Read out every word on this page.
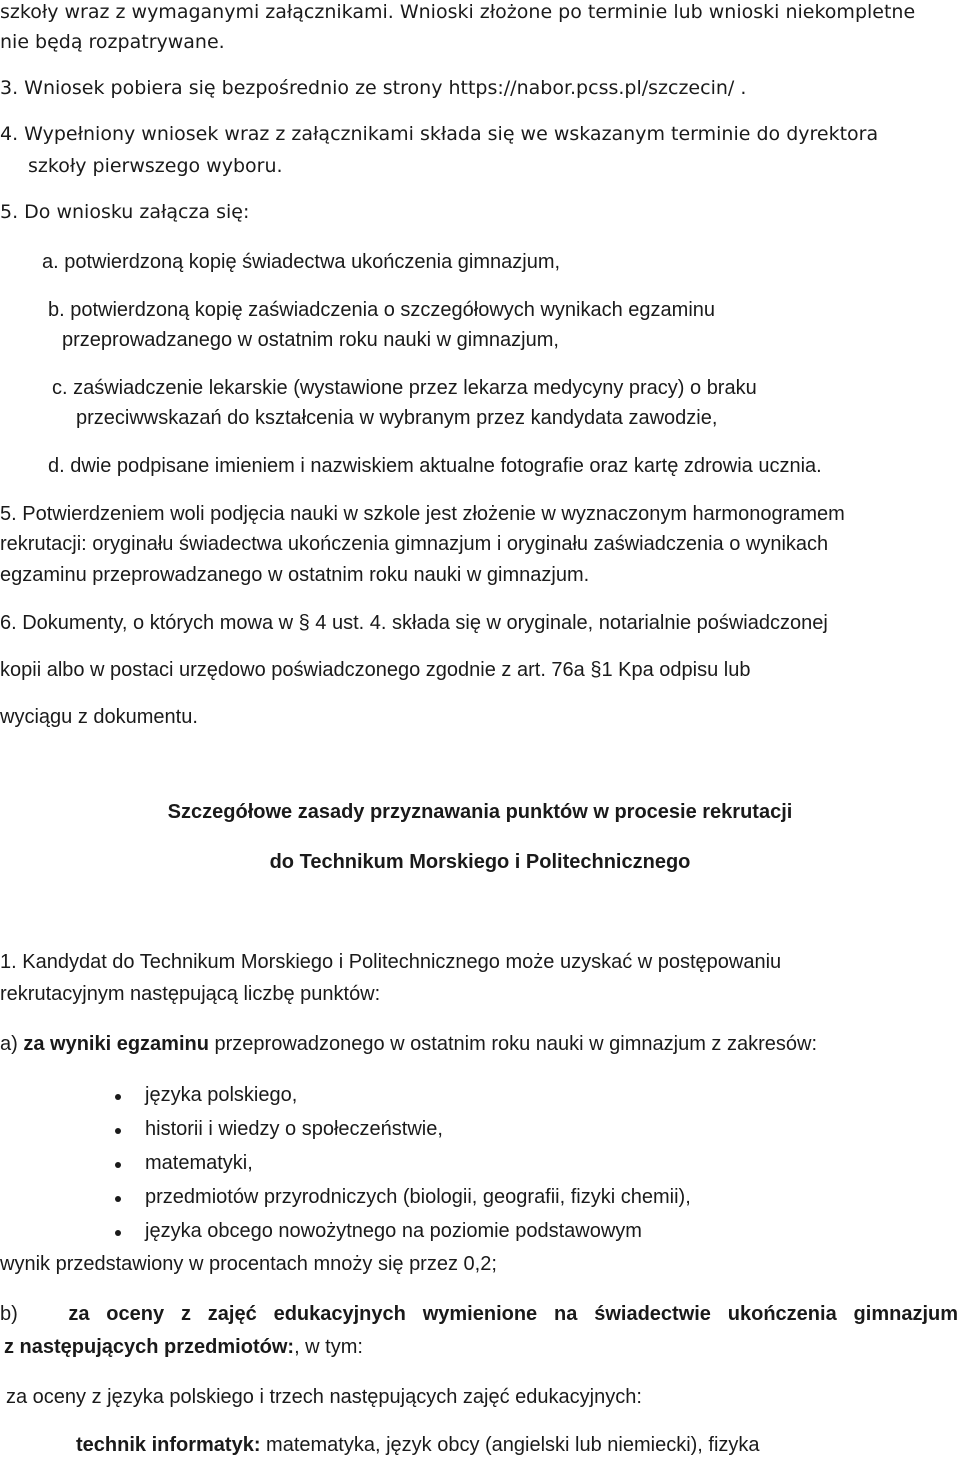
szkoły wraz z wymaganymi załącznikami. Wnioski złożone po terminie lub wnioski niekompletne
nie będą rozpatrywane.
3. Wniosek pobiera się bezpośrednio ze strony https://nabor.pcss.pl/szczecin/ .
4. Wypełniony wniosek wraz z załącznikami składa się we wskazanym terminie do dyrektora
szkoły pierwszego wyboru.
5. Do wniosku załącza się:
a. potwierdzoną kopię świadectwa ukończenia gimnazjum,
b. potwierdzoną kopię zaświadczenia o szczegółowych wynikach egzaminu
przeprowadzanego w ostatnim roku nauki w gimnazjum,
c. zaświadczenie lekarskie (wystawione przez lekarza medycyny pracy) o braku
przeciwwskazań do kształcenia w wybranym przez kandydata zawodzie,
d. dwie podpisane imieniem i nazwiskiem aktualne fotografie oraz kartę zdrowia ucznia.
5. Potwierdzeniem woli podjęcia nauki w szkole jest złożenie w wyznaczonym harmonogramem
rekrutacji: oryginału świadectwa ukończenia gimnazjum i oryginału zaświadczenia o wynikach
egzaminu przeprowadzanego w ostatnim roku nauki w gimnazjum.
6. Dokumenty, o których mowa w § 4 ust. 4. składa się w oryginale, notarialnie poświadczonej
kopii albo w postaci urzędowo poświadczonego zgodnie z art. 76a §1 Kpa odpisu lub
wyciągu z dokumentu.
Szczegółowe zasady przyznawania punktów w procesie rekrutacji
do Technikum Morskiego i Politechnicznego
1. Kandydat do Technikum Morskiego i Politechnicznego może uzyskać w postępowaniu
rekrutacyjnym następującą liczbę punktów:
a) za wyniki egzaminu przeprowadzonego w ostatnim roku nauki w gimnazjum z zakresów:
języka polskiego,
historii i wiedzy o społeczeństwie,
matematyki,
przedmiotów przyrodniczych (biologii, geografii, fizyki chemii),
języka obcego nowożytnego na poziomie podstawowym
wynik przedstawiony w procentach mnoży się przez 0,2;
b)   za oceny z zajęć edukacyjnych wymienione na świadectwie ukończenia gimnazjum
z następujących przedmiotów:, w tym:
za oceny z języka polskiego i trzech następujących zajęć edukacyjnych:
technik informatyk: matematyka, język obcy (angielski lub niemiecki), fizyka
